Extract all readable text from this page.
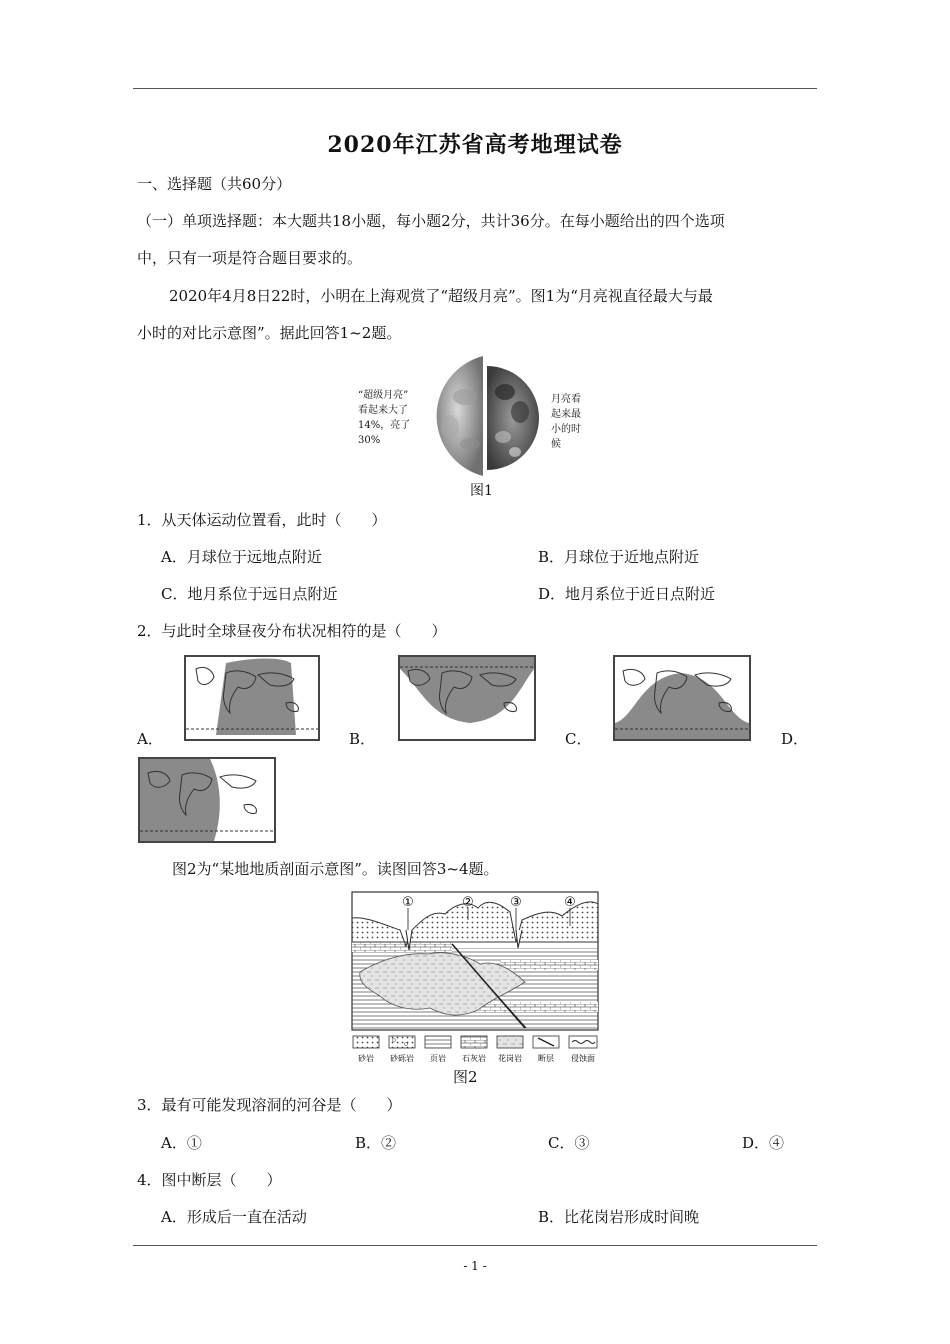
2020年江苏省高考地理试卷
一、选择题（共60分）
（一）单项选择题：本大题共18小题，每小题2分，共计36分。在每小题给出的四个选项
中，只有一项是符合题目要求的。
2020年4月8日22时，小明在上海观赏了“超级月亮”。图1为“月亮视直径最大与最
小时的对比示意图”。据此回答1~2题。
“超级月亮”
看起来大了
14%，亮了
30%
月亮看
起来最
小的时
候
图1
1．从天体运动位置看，此时（　　）
A．月球位于远地点附近	B．月球位于近地点附近
C．地月系位于远日点附近	D．地月系位于近日点附近
2．与此时全球昼夜分布状况相符的是（　　）
A．	B．	C．	D．
图2为“某地地质剖面示意图”。读图回答3~4题。
①	②	③	④
砂岩 砂砾岩 页岩 石灰岩 花岗岩 断层 侵蚀面
图2
3．最有可能发现溶洞的河谷是（　　）
A．①	B．②	C．③	D．④
4．图中断层（　　）
A．形成后一直在活动	B．比花岗岩形成时间晚
- 1 -
